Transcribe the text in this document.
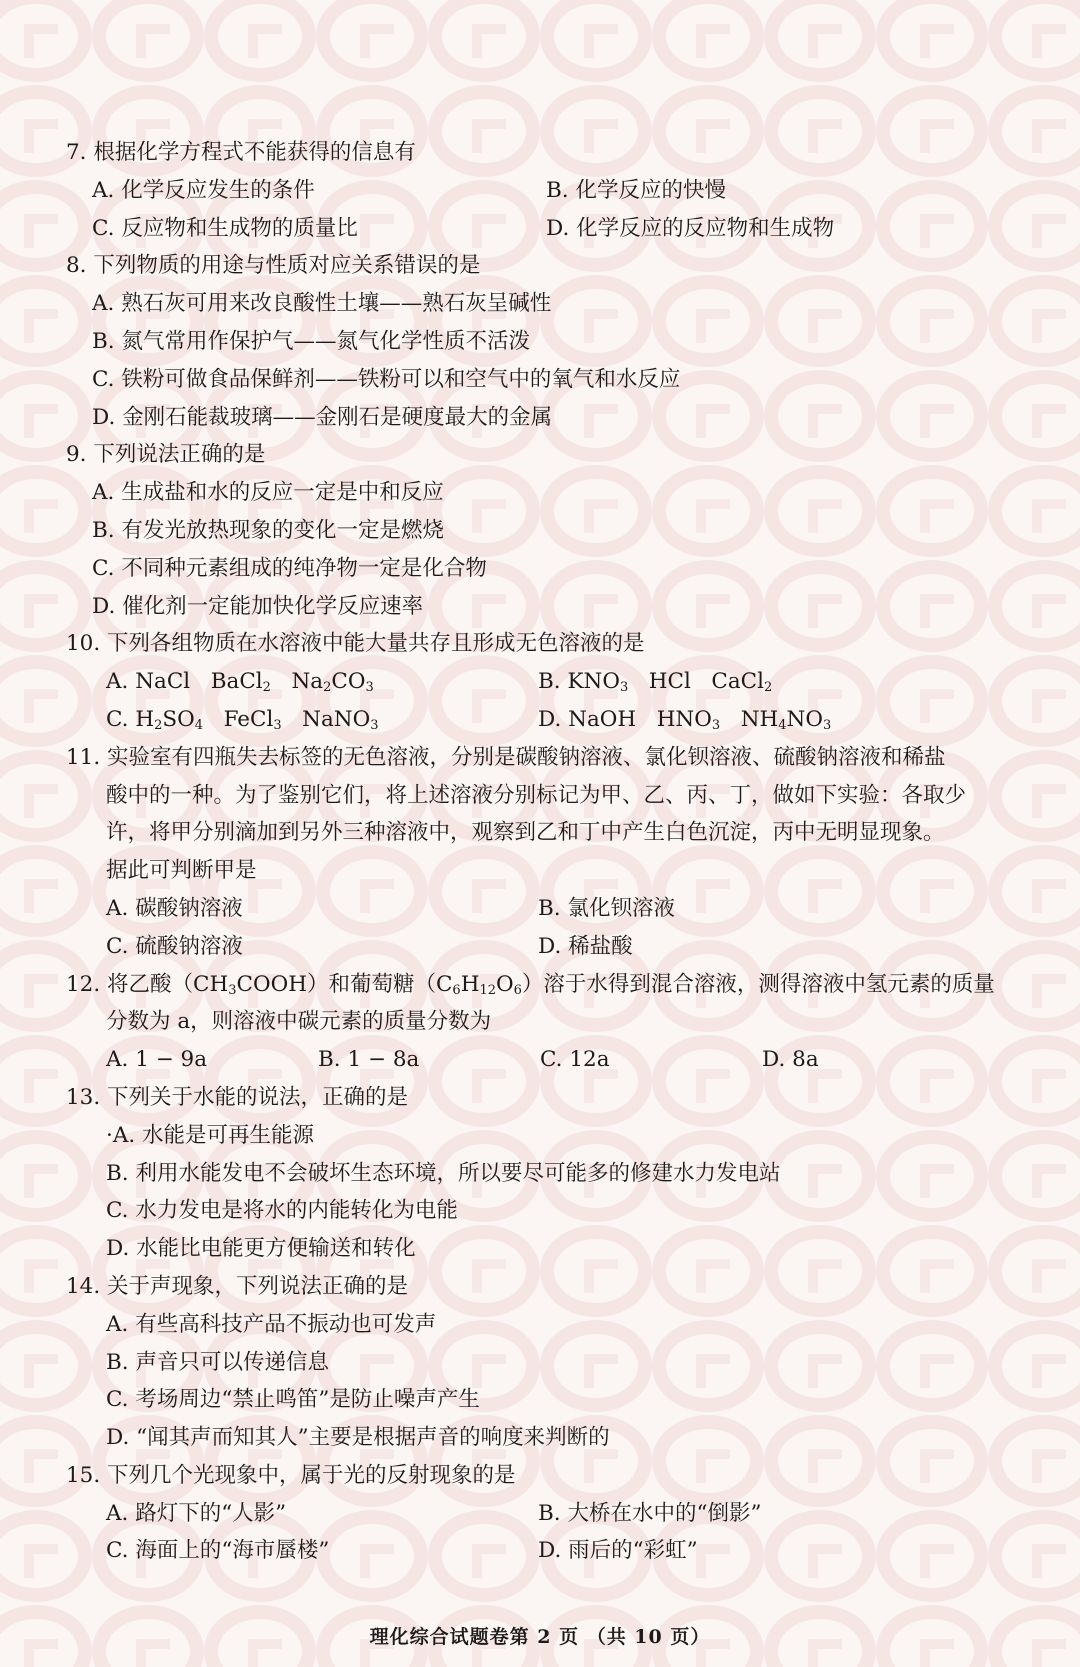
7. 根据化学方程式不能获得的信息有
A. 化学反应发生的条件	B. 化学反应的快慢
C. 反应物和生成物的质量比	D. 化学反应的反应物和生成物
8. 下列物质的用途与性质对应关系错误的是
A. 熟石灰可用来改良酸性土壤——熟石灰呈碱性
B. 氮气常用作保护气——氮气化学性质不活泼
C. 铁粉可做食品保鲜剂——铁粉可以和空气中的氧气和水反应
D. 金刚石能裁玻璃——金刚石是硬度最大的金属
9. 下列说法正确的是
A. 生成盐和水的反应一定是中和反应
B. 有发光放热现象的变化一定是燃烧
C. 不同种元素组成的纯净物一定是化合物
D. 催化剂一定能加快化学反应速率
10. 下列各组物质在水溶液中能大量共存且形成无色溶液的是
A. NaCl BaCl$_2$ $Na_2CO_3$	B. $KNO_3$ HCl CaCl$_2$
C. $H_2SO_4$ FeCl$_3$ NaNO$_3$	D. NaOH $HNO_3$ $NH_4NO_3$
11. 实验室有四瓶失去标签的无色溶液，分别是碳酸钠溶液、氯化钡溶液、硫酸钠溶液和稀盐
酸中的一种。为了鉴别它们，将上述溶液分别标记为甲、乙、丙、丁，做如下实验：各取少
许，将甲分别滴加到另外三种溶液中，观察到乙和丁中产生白色沉淀，丙中无明显现象。
据此可判断甲是
A. 碳酸钠溶液	B. 氯化钡溶液
C. 硫酸钠溶液	D. 稀盐酸
12. 将乙酸$(CH_3COOH)$和葡萄糖$(C_6H_{12}O_6)$溶于水得到混合溶液，测得溶液中氢元素的质量
分数为 a，则溶液中碳元素的质量分数为
A. 1 − 9a	B. 1 − 8a	C. 12a	D. 8a
13. 下列关于水能的说法，正确的是
·A. 水能是可再生能源
B. 利用水能发电不会破坏生态环境，所以要尽可能多的修建水力发电站
C. 水力发电是将水的内能转化为电能
D. 水能比电能更方便输送和转化
14. 关于声现象，下列说法正确的是
A. 有些高科技产品不振动也可发声
B. 声音只可以传递信息
C. 考场周边“禁止鸣笛”是防止噪声产生
D. “闻其声而知其人”主要是根据声音的响度来判断的
15. 下列几个光现象中，属于光的反射现象的是
A. 路灯下的“人影”	B. 大桥在水中的“倒影”
C. 海面上的“海市蜃楼”	D. 雨后的“彩虹”
理化综合试题卷第 2 页 （共 10 页）
